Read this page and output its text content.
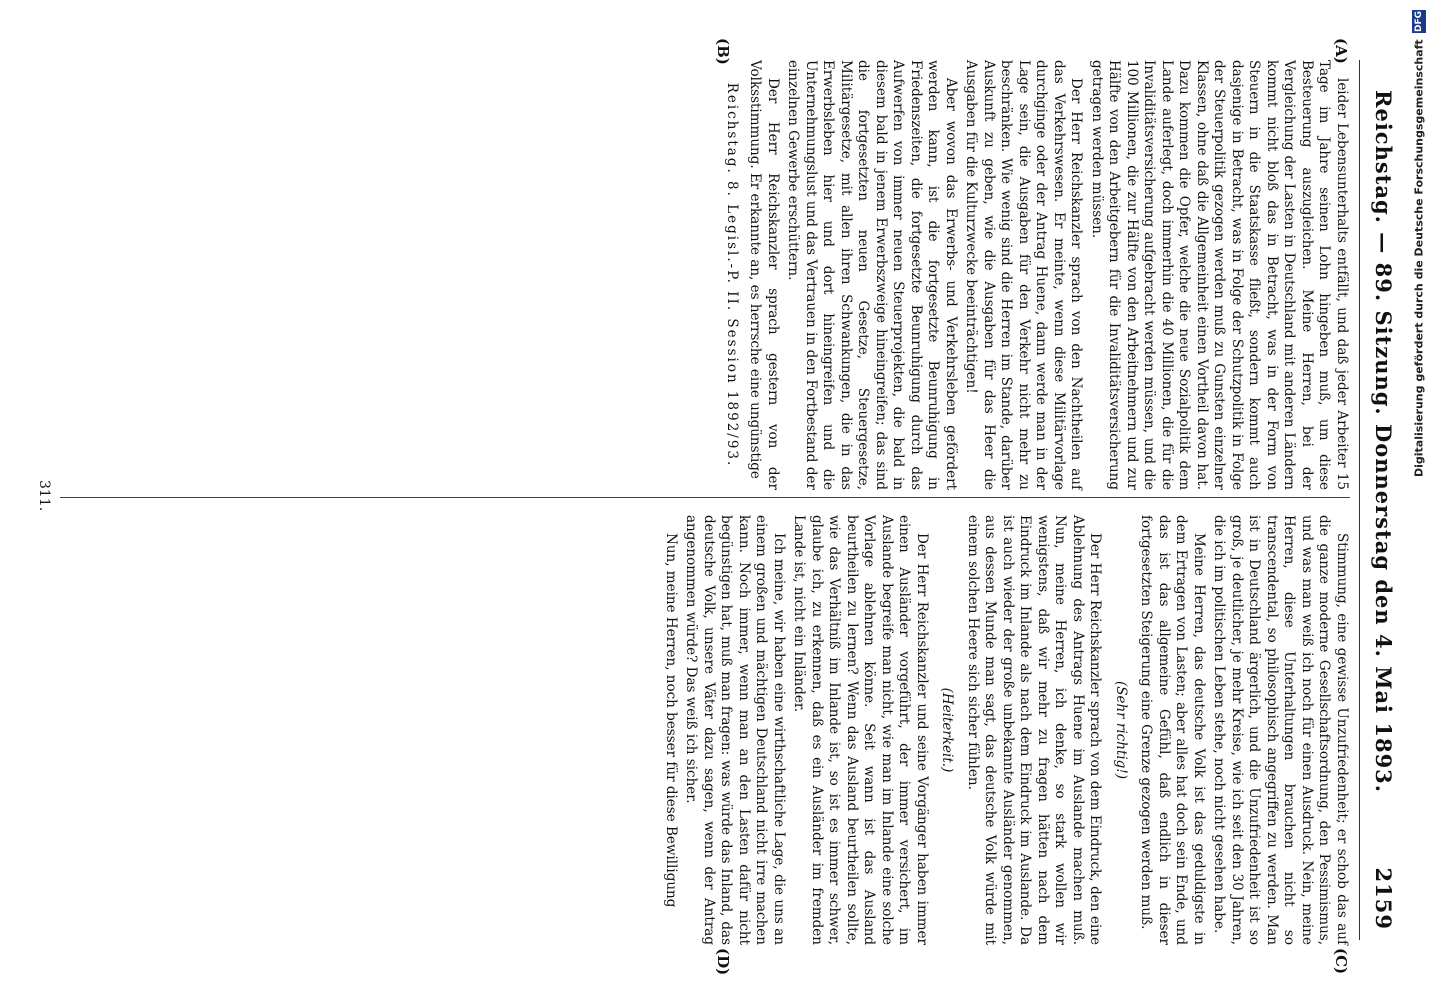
Reichstag. — 89. Sitzung. Donnerstag den 4. Mai 1893.
2159
(A)
(B)
(C)
(D)

leider Lebensunterhalts entfällt, und daß jeder Arbeiter 15 Tage im Jahre seinen Lohn hingeben muß, um diese Besteuerung auszugleichen. Meine Herren, bei der Vergleichung der Lasten in Deutschland mit anderen Ländern kommt nicht bloß das in Betracht, was in der Form von Steuern in die Staatskasse fließt, sondern kommt auch dasjenige in Betracht, was in Folge der Schutzpolitik in Folge der Steuerpolitik gezogen werden muß zu Gunsten einzelner Klassen, ohne daß die Allgemeinheit einen Vortheil davon hat. Dazu kommen die Opfer, welche die neue Sozialpolitik dem Lande auferlegt, doch immerhin die 40 Millionen, die für die Invaliditätsversicherung aufgebracht werden müssen, und die 100 Millionen, die zur Hälfte von den Arbeitnehmern und zur Hälfte von den Arbeitgebern für die Invaliditätsversicherung getragen werden müssen.

Der Herr Reichskanzler sprach von den Nachtheilen auf das Verkehrswesen. Er meinte, wenn diese Militärvorlage durchginge oder der Antrag Huene, dann werde man in der Lage sein, die Ausgaben für den Verkehr nicht mehr zu beschränken. Wie wenig sind die Herren im Stande, darüber Auskunft zu geben, wie die Ausgaben für das Heer die Ausgaben für die Kulturzwecke beeinträchtigen!

Aber wovon das Erwerbs- und Verkehrsleben gefördert werden kann, ist die fortgesetzte Beunruhigung in Friedenszeiten, die fortgesetzte Beunruhigung durch das Aufwerfen von immer neuen Steuerprojekten, die bald in diesem bald in jenem Erwerbszweige hineingreifen; das sind die fortgesetzten neuen Gesetze, Steuergesetze, Militärgesetze, mit allen ihren Schwankungen, die in das Erwerbsleben hier und dort hineingreifen und die Unternehmungslust und das Vertrauen in den Fortbestand der einzelnen Gewerbe erschüttern.

Der Herr Reichskanzler sprach gestern von der Volksstimmung. Er erkannte an, es herrsche eine ungünstige

Reichstag. 8. Legisl.-P. II. Session 1892/93.

Stimmung, eine gewisse Unzufriedenheit; er schob das auf die ganze moderne Gesellschaftsordnung, den Pessimismus, und was man weiß ich noch für einen Ausdruck. Nein, meine Herren, diese Unterhaltungen brauchen nicht so transcendental, so philosophisch angegriffen zu werden. Man ist in Deutschland ärgerlich, und die Unzufriedenheit ist so groß, je deutlicher, je mehr Kreise, wie ich seit den 30 Jahren, die ich im politischen Leben stehe, noch nicht gesehen habe.

Meine Herren, das deutsche Volk ist das geduldigste in dem Ertragen von Lasten; aber alles hat doch sein Ende, und das ist das allgemeine Gefühl, daß endlich in dieser fortgesetzten Steigerung eine Grenze gezogen werden muß.

(Sehr richtig!)

Der Herr Reichskanzler sprach von dem Eindruck, den eine Ablehnung des Antrags Huene im Auslande machen muß. Nun, meine Herren, ich denke, so stark wollen wir wenigstens, daß wir mehr zu fragen hätten nach dem Eindruck im Inlande als nach dem Eindruck im Auslande. Da ist auch wieder der große unbekannte Ausländer genommen, aus dessen Munde man sagt, das deutsche Volk würde mit einem solchen Heere sich sicher fühlen.

(Heiterkeit.)

Der Herr Reichskanzler und seine Vorgänger haben immer einen Ausländer vorgeführt, der immer versichert, im Auslande begreife man nicht, wie man im Inlande eine solche Vorlage ablehnen könne. Seit wann ist das Ausland beurtheilen zu lernen? Wenn das Ausland beurtheilen sollte, wie das Verhältniß im Inlande ist, so ist es immer schwer, glaube ich, zu erkennen, daß es ein Ausländer im fremden Lande ist, nicht ein Inländer.

Ich meine, wir haben eine wirthschaftliche Lage, die uns an einem großen und mächtigen Deutschland nicht irre machen kann. Noch immer, wenn man an den Lasten dafür nicht begünstigen hat, muß man fragen: was würde das Inland, das deutsche Volk, unsere Väter dazu sagen, wenn der Antrag angenommen würde? Das weiß ich sicher.

Nun, meine Herren, noch besser für diese Bewilligung

311.
Digitalisierung gefördert durch die Deutsche Forschungsgemeinschaft
DFG
